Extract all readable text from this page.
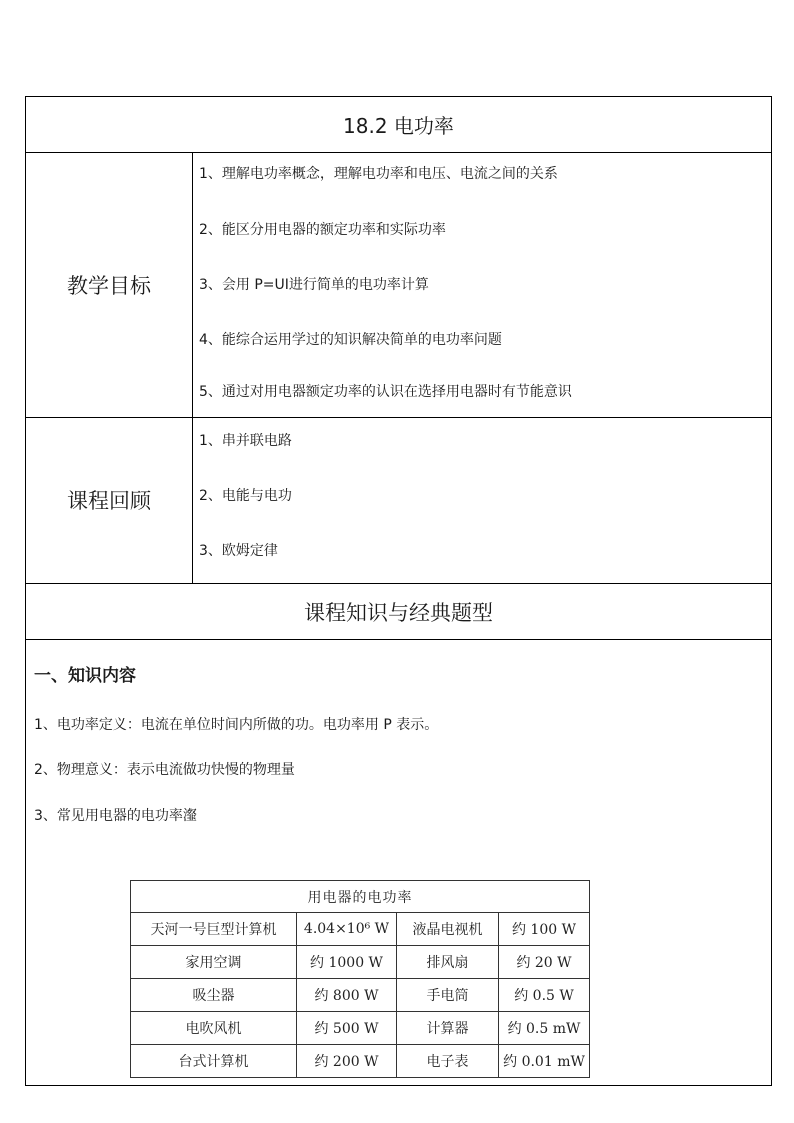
18.2 电功率
教学目标
1、理解电功率概念，理解电功率和电压、电流之间的关系
2、能区分用电器的额定功率和实际功率
3、会用 P=UI进行简单的电功率计算
4、能综合运用学过的知识解决简单的电功率问题
5、通过对用电器额定功率的认识在选择用电器时有节能意识
课程回顾
1、串并联电路
2、电能与电功
3、欧姆定律
课程知识与经典题型
一、知识内容
1、电功率定义：电流在单位时间内所做的功。电功率用 P 表示。
2、物理意义：表示电流做功快慢的物理量
3、常见用电器的电功率瀣
用电器的电功率			
天河一号巨型计算机	4.04×10⁶ W	液晶电视机	约 100 W
家用空调	约 1000 W	排风扇	约 20 W
吸尘器	约 800 W	手电筒	约 0.5 W
电吹风机	约 500 W	计算器	约 0.5 mW
台式计算机	约 200 W	电子表	约 0.01 mW
